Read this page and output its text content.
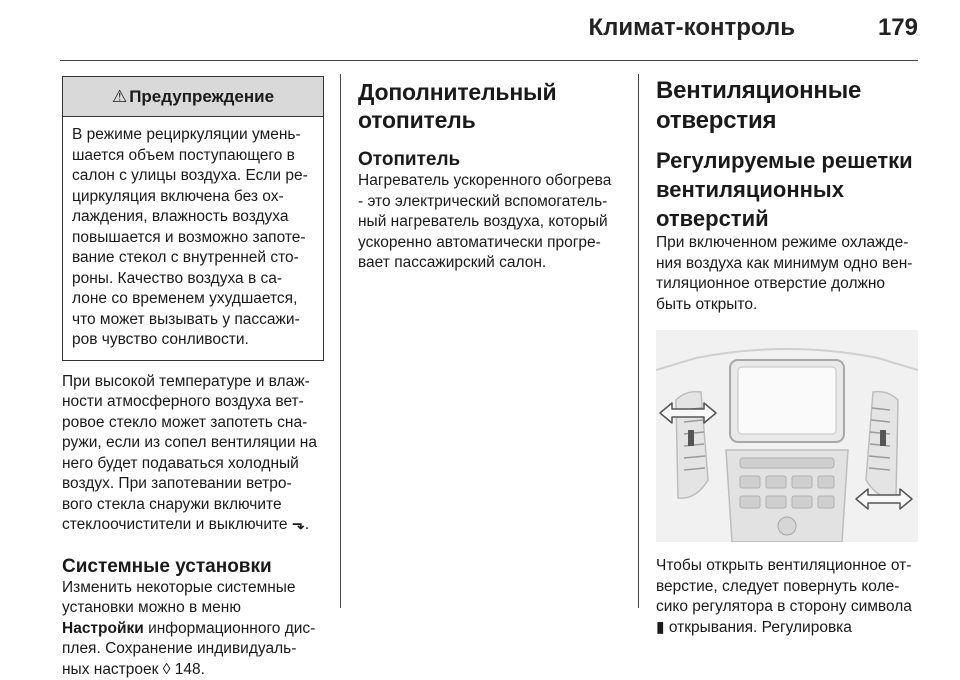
Климат-контроль	179
⚠ Предупреждение
В режиме рециркуляции умень-
шается объем поступающего в
салон с улицы воздуха. Если ре-
циркуляция включена без ох-
лаждения, влажность воздуха
повышается и возможно запоте-
вание стекол с внутренней сто-
роны. Качество воздуха в са-
лоне со временем ухудшается,
что может вызывать у пассажи-
ров чувство сонливости.
При высокой температуре и влаж-
ности атмосферного воздуха вет-
ровое стекло может запотеть сна-
ружи, если из сопел вентиляции на
него будет подаваться холодный
воздух. При запотевании ветро-
вого стекла снаружи включите
стеклоочистители и выключите ⬎.
Системные установки
Изменить некоторые системные
установки можно в меню
Настройки информационного дис-
плея. Сохранение индивидуаль-
ных настроек ◊ 148.
Дополнительный
отопитель
Отопитель
Нагреватель ускоренного обогрева
- это электрический вспомогатель-
ный нагреватель воздуха, который
ускоренно автоматически прогре-
вает пассажирский салон.
Вентиляционные
отверстия
Регулируемые решетки
вентиляционных
отверстий
При включенном режиме охлажде-
ния воздуха как минимум одно вен-
тиляционное отверстие должно
быть открыто.
Чтобы открыть вентиляционное от-
верстие, следует повернуть коле-
сико регулятора в сторону символа
▮ открывания. Регулировка
